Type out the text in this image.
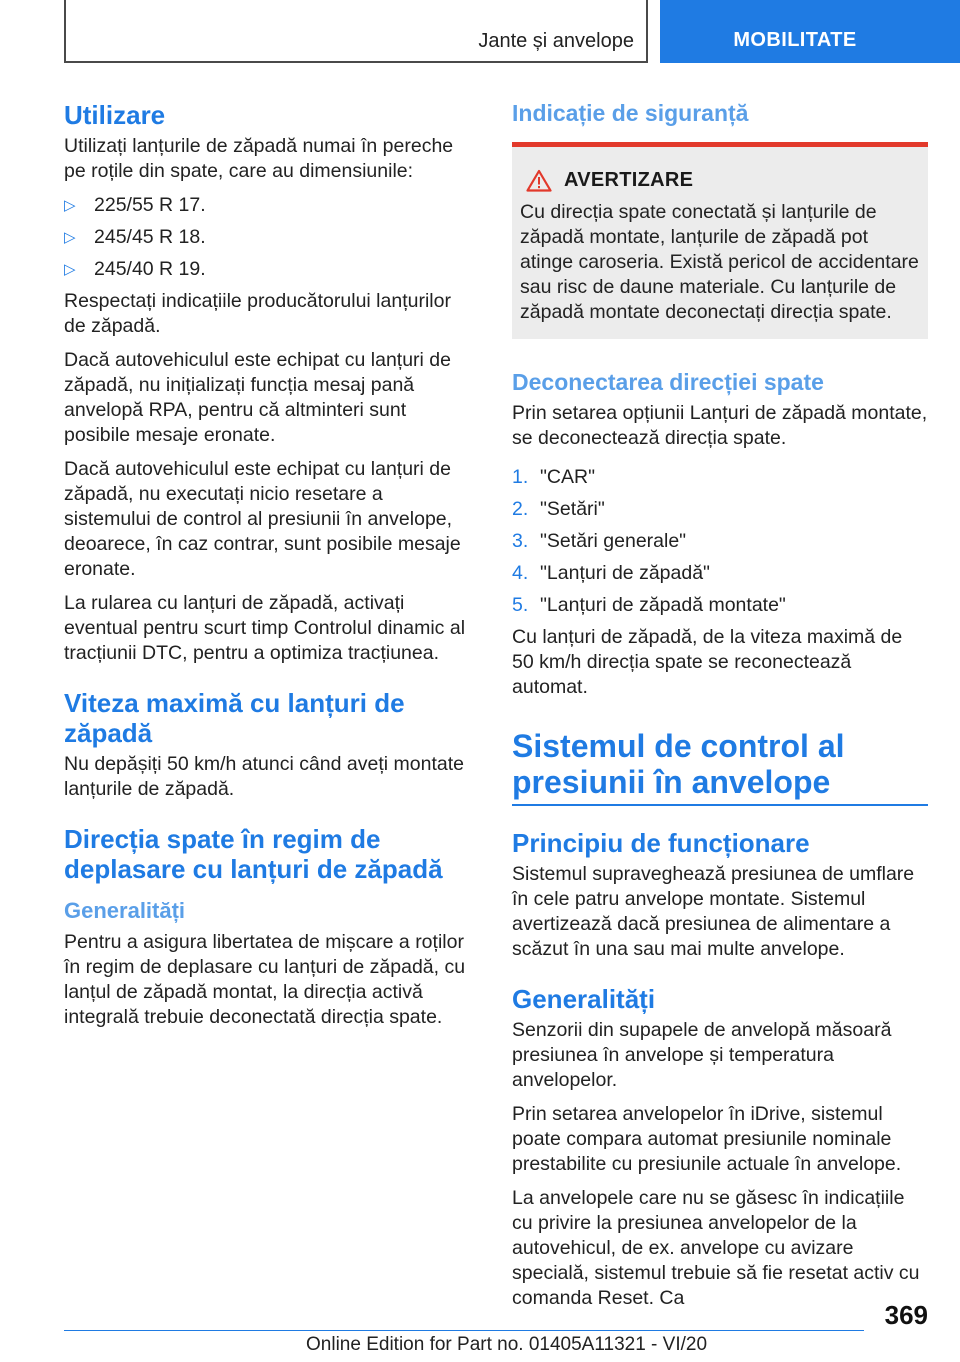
Jante și anvelope	MOBILITATE
Utilizare

Utilizați lanțurile de zăpadă numai în pereche pe roțile din spate, care au dimensiunile:

▷ 225/55 R 17.
▷ 245/45 R 18.
▷ 245/40 R 19.

Respectați indicațiile producătorului lanțurilor de zăpadă.

Dacă autovehiculul este echipat cu lanțuri de zăpadă, nu inițializați funcția mesaj pană anvelopă RPA, pentru că altminteri sunt posibile mesaje eronate.

Dacă autovehiculul este echipat cu lanțuri de zăpadă, nu executați nicio resetare a sistemului de control al presiunii în anvelope, deoarece, în caz contrar, sunt posibile mesaje eronate.

La rularea cu lanțuri de zăpadă, activați eventual pentru scurt timp Controlul dinamic al tracțiunii DTC, pentru a optimiza tracțiunea.

Viteza maximă cu lanțuri de zăpadă

Nu depășiți 50 km/h atunci când aveți montate lanțurile de zăpadă.

Direcția spate în regim de deplasare cu lanțuri de zăpadă
Generalități

Pentru a asigura libertatea de mișcare a roților în regim de deplasare cu lanțuri de zăpadă, cu lanțul de zăpadă montat, la direcția activă integrală trebuie deconectată direcția spate.

Indicație de siguranță
AVERTIZARE

Cu direcția spate conectată și lanțurile de zăpadă montate, lanțurile de zăpadă pot atinge caroseria. Există pericol de accidentare sau risc de daune materiale. Cu lanțurile de zăpadă montate deconectați direcția spate.

Deconectarea direcției spate

Prin setarea opțiunii Lanțuri de zăpadă montate, se deconectează direcția spate.

1. "CAR"
2. "Setări"
3. "Setări generale"
4. "Lanțuri de zăpadă"
5. "Lanțuri de zăpadă montate"

Cu lanțuri de zăpadă, de la viteza maximă de 50 km/h direcția spate se reconectează automat.

Sistemul de control al presiunii în anvelope
Principiu de funcționare

Sistemul supraveghează presiunea de umflare în cele patru anvelope montate. Sistemul avertizează dacă presiunea de alimentare a scăzut în una sau mai multe anvelope.

Generalități

Senzorii din supapele de anvelopă măsoară presiunea în anvelope și temperatura anvelopelor.

Prin setarea anvelopelor în iDrive, sistemul poate compara automat presiunile nominale prestabilite cu presiunile actuale în anvelope.

La anvelopele care nu se găsesc în indicațiile cu privire la presiunea anvelopelor de la autovehicul, de ex. anvelope cu avizare specială, sistemul trebuie să fie resetat activ cu comanda Reset. Ca

369
Online Edition for Part no. 01405A11321 - VI/20
